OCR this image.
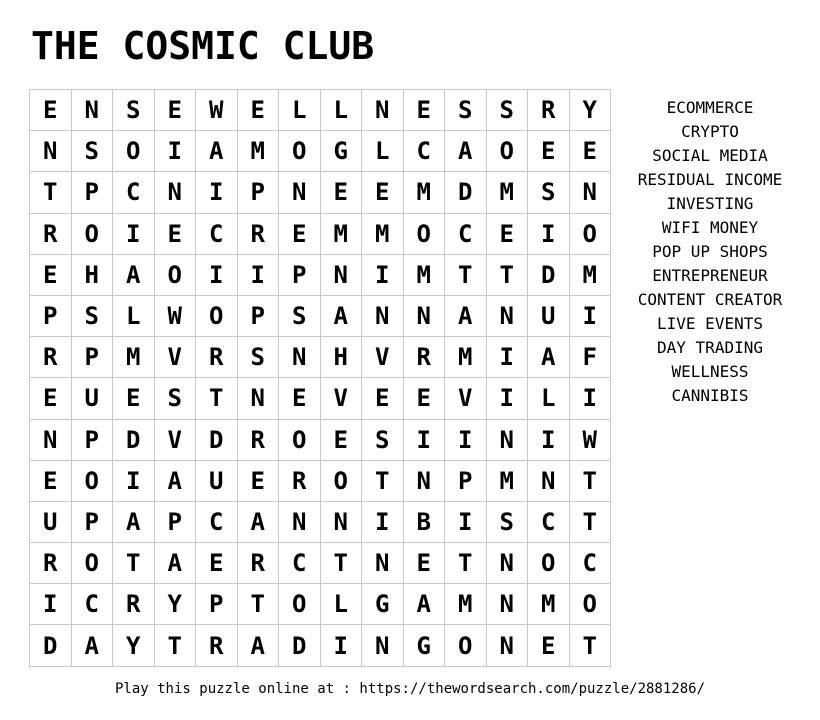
THE COSMIC CLUB
E	N	S	E	W	E	L	L	N	E	S	S	R	Y
N	S	O	I	A	M	O	G	L	C	A	O	E	E
T	P	C	N	I	P	N	E	E	M	D	M	S	N
R	O	I	E	C	R	E	M	M	O	C	E	I	O
E	H	A	O	I	I	P	N	I	M	T	T	D	M
P	S	L	W	O	P	S	A	N	N	A	N	U	I
R	P	M	V	R	S	N	H	V	R	M	I	A	F
E	U	E	S	T	N	E	V	E	E	V	I	L	I
N	P	D	V	D	R	O	E	S	I	I	N	I	W
E	O	I	A	U	E	R	O	T	N	P	M	N	T
U	P	A	P	C	A	N	N	I	B	I	S	C	T
R	O	T	A	E	R	C	T	N	E	T	N	O	C
I	C	R	Y	P	T	O	L	G	A	M	N	M	O
D	A	Y	T	R	A	D	I	N	G	O	N	E	T
ECOMMERCE
CRYPTO
SOCIAL MEDIA
RESIDUAL INCOME
INVESTING
WIFI MONEY
POP UP SHOPS
ENTREPRENEUR
CONTENT CREATOR
LIVE EVENTS
DAY TRADING
WELLNESS
CANNIBIS
Play this puzzle online at : https://thewordsearch.com/puzzle/2881286/
